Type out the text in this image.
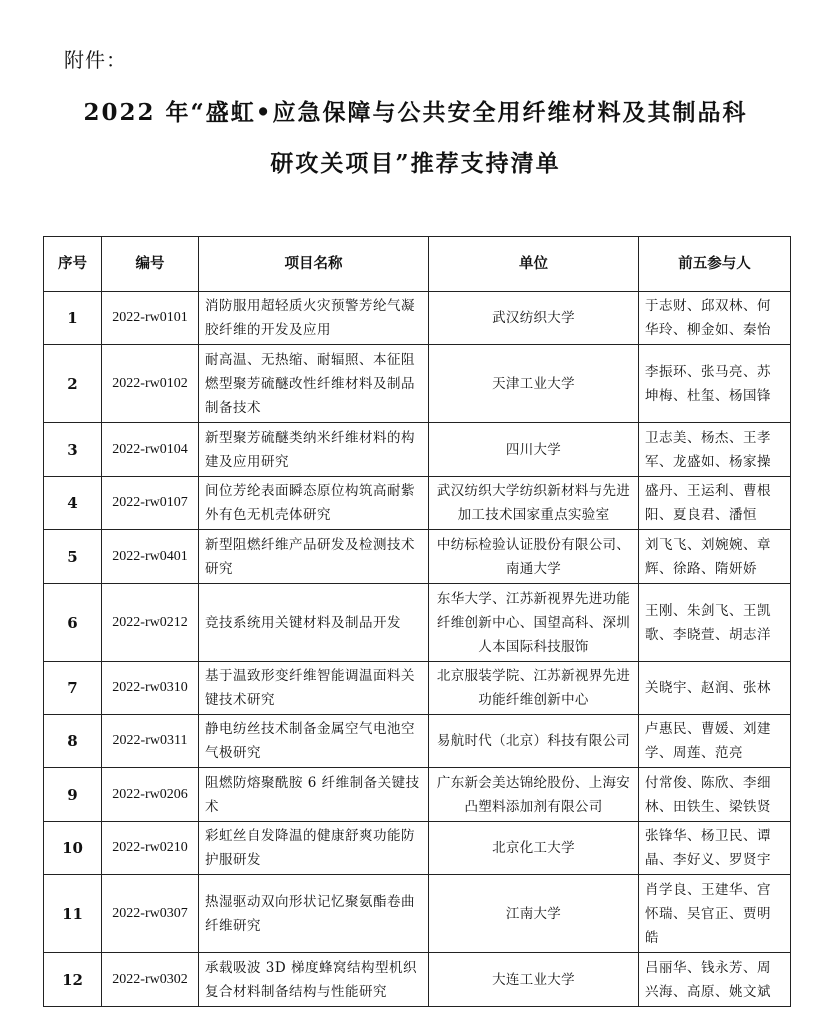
附件：
2022 年“盛虹•应急保障与公共安全用纤维材料及其制品科
研攻关项目”推荐支持清单
序号	编号	项目名称	单位	前五参与人
1	2022-rw0101	消防服用超轻质火灾预警芳纶气凝胶纤维的开发及应用	武汉纺织大学	于志财、邱双林、何华玲、柳金如、秦怡
2	2022-rw0102	耐高温、无热缩、耐辐照、本征阻燃型聚芳硫醚改性纤维材料及制品制备技术	天津工业大学	李振环、张马亮、苏坤梅、杜玺、杨国锋
3	2022-rw0104	新型聚芳硫醚类纳米纤维材料的构建及应用研究	四川大学	卫志美、杨杰、王孝军、龙盛如、杨家操
4	2022-rw0107	间位芳纶表面瞬态原位构筑高耐紫外有色无机壳体研究	武汉纺织大学纺织新材料与先进加工技术国家重点实验室	盛丹、王运利、曹根阳、夏良君、潘恒
5	2022-rw0401	新型阻燃纤维产品研发及检测技术研究	中纺标检验认证股份有限公司、南通大学	刘飞飞、刘婉婉、章辉、徐路、隋妍娇
6	2022-rw0212	竞技系统用关键材料及制品开发	东华大学、江苏新视界先进功能纤维创新中心、国望高科、深圳人本国际科技服饰	王刚、朱剑飞、王凯歌、李晓萱、胡志洋
7	2022-rw0310	基于温致形变纤维智能调温面料关键技术研究	北京服装学院、江苏新视界先进功能纤维创新中心	关晓宇、赵润、张林
8	2022-rw0311	静电纺丝技术制备金属空气电池空气极研究	易航时代（北京）科技有限公司	卢惠民、曹媛、刘建学、周莲、范亮
9	2022-rw0206	阻燃防熔聚酰胺 6 纤维制备关键技术	广东新会美达锦纶股份、上海安凸塑料添加剂有限公司	付常俊、陈欣、李细林、田铁生、梁铁贤
10	2022-rw0210	彩虹丝自发降温的健康舒爽功能防护服研发	北京化工大学	张锋华、杨卫民、谭晶、李好义、罗贤宇
11	2022-rw0307	热湿驱动双向形状记忆聚氨酯卷曲纤维研究	江南大学	肖学良、王建华、宫怀瑞、吴官正、贾明皓
12	2022-rw0302	承载吸波 3D 梯度蜂窝结构型机织复合材料制备结构与性能研究	大连工业大学	吕丽华、钱永芳、周兴海、高原、姚文斌
